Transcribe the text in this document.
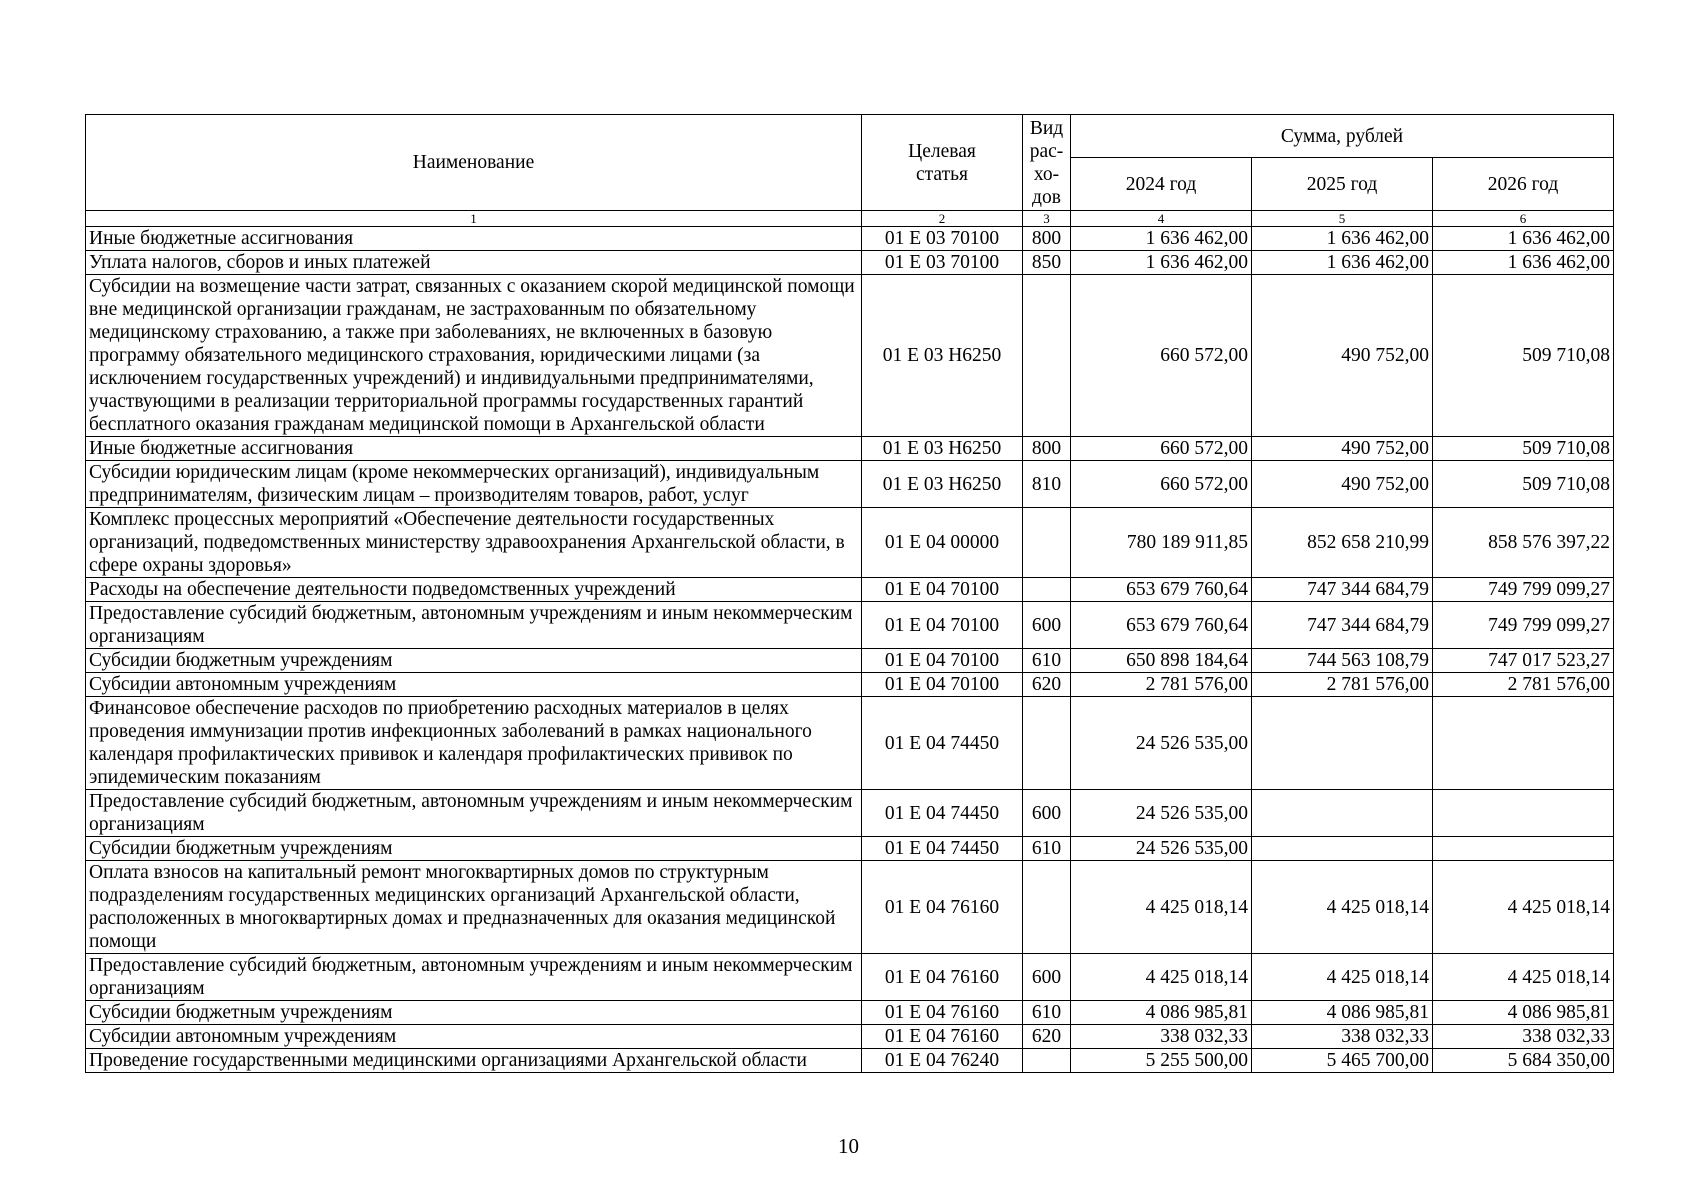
Наименование	Целевая статья	Вид рас-хо-дов	Сумма, рублей		
			2024 год	2025 год	2026 год
1	2	3	4	5	6
Иные бюджетные ассигнования	01 Е 03 70100	800	1 636 462,00	1 636 462,00	1 636 462,00
Уплата налогов, сборов и иных платежей	01 Е 03 70100	850	1 636 462,00	1 636 462,00	1 636 462,00
Субсидии на возмещение части затрат, связанных с оказанием скорой медицинской помощи вне медицинской организации гражданам, не застрахованным по обязательному медицинскому страхованию, а также при заболеваниях, не включенных в базовую программу обязательного медицинского страхования, юридическими лицами (за исключением государственных учреждений) и индивидуальными предпринимателями, участвующими в реализации территориальной программы государственных гарантий бесплатного оказания гражданам медицинской помощи в Архангельской области	01 Е 03 Н6250		660 572,00	490 752,00	509 710,08
Иные бюджетные ассигнования	01 Е 03 Н6250	800	660 572,00	490 752,00	509 710,08
Субсидии юридическим лицам (кроме некоммерческих организаций), индивидуальным предпринимателям, физическим лицам – производителям товаров, работ, услуг	01 Е 03 Н6250	810	660 572,00	490 752,00	509 710,08
Комплекс процессных мероприятий «Обеспечение деятельности государственных организаций, подведомственных министерству здравоохранения Архангельской области, в сфере охраны здоровья»	01 Е 04 00000		780 189 911,85	852 658 210,99	858 576 397,22
Расходы на обеспечение деятельности подведомственных учреждений	01 Е 04 70100		653 679 760,64	747 344 684,79	749 799 099,27
Предоставление субсидий бюджетным, автономным учреждениям и иным некоммерческим организациям	01 Е 04 70100	600	653 679 760,64	747 344 684,79	749 799 099,27
Субсидии бюджетным учреждениям	01 Е 04 70100	610	650 898 184,64	744 563 108,79	747 017 523,27
Субсидии автономным учреждениям	01 Е 04 70100	620	2 781 576,00	2 781 576,00	2 781 576,00
Финансовое обеспечение расходов по приобретению расходных материалов в целях проведения иммунизации против инфекционных заболеваний в рамках национального календаря профилактических прививок и календаря профилактических прививок по эпидемическим показаниям	01 Е 04 74450		24 526 535,00		
Предоставление субсидий бюджетным, автономным учреждениям и иным некоммерческим организациям	01 Е 04 74450	600	24 526 535,00		
Субсидии бюджетным учреждениям	01 Е 04 74450	610	24 526 535,00		
Оплата взносов на капитальный ремонт многоквартирных домов по структурным подразделениям государственных медицинских организаций Архангельской области, расположенных в многоквартирных домах и предназначенных для оказания медицинской помощи	01 Е 04 76160		4 425 018,14	4 425 018,14	4 425 018,14
Предоставление субсидий бюджетным, автономным учреждениям и иным некоммерческим организациям	01 Е 04 76160	600	4 425 018,14	4 425 018,14	4 425 018,14
Субсидии бюджетным учреждениям	01 Е 04 76160	610	4 086 985,81	4 086 985,81	4 086 985,81
Субсидии автономным учреждениям	01 Е 04 76160	620	338 032,33	338 032,33	338 032,33
Проведение государственными медицинскими организациями Архангельской области	01 Е 04 76240		5 255 500,00	5 465 700,00	5 684 350,00
10
